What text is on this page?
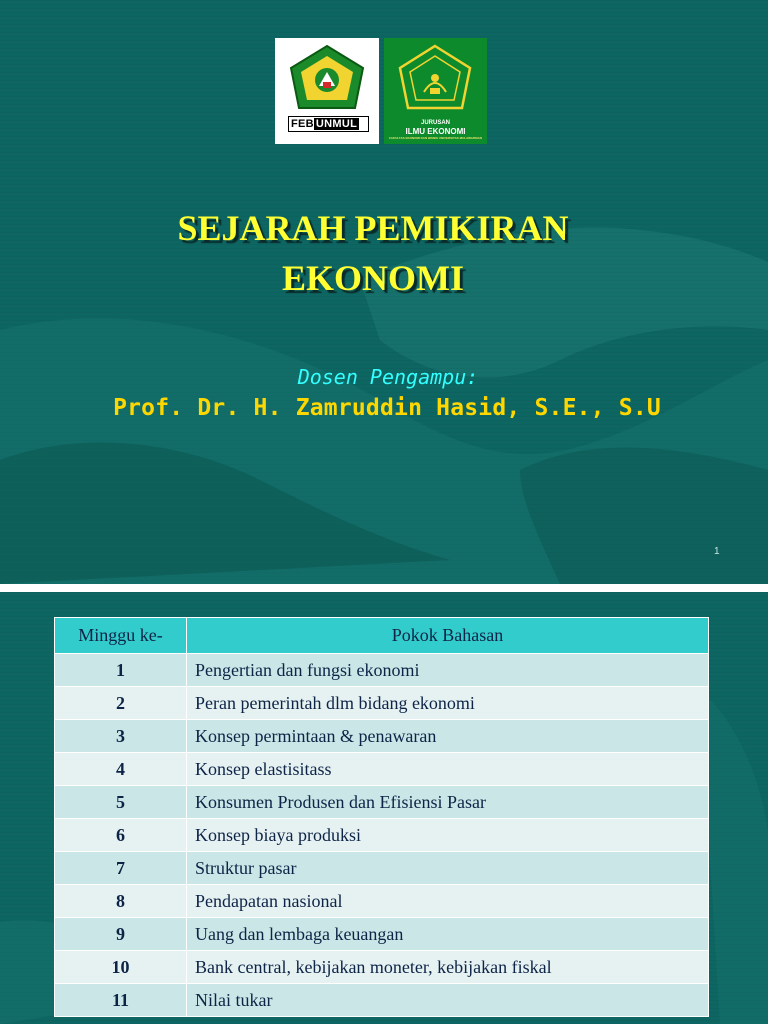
FEB UNMUL	JURUSAN
ILMU EKONOMI
FAKULTAS EKONOMI DAN BISNIS UNIVERSITAS MULAWARMAN
SEJARAH PEMIKIRAN
EKONOMI
Dosen Pengampu:
Prof. Dr. H. Zamruddin Hasid, S.E., S.U
1
Minggu ke-	Pokok Bahasan
1	Pengertian dan fungsi ekonomi
2	Peran pemerintah dlm bidang ekonomi
3	Konsep permintaan & penawaran
4	Konsep elastisitass
5	Konsumen Produsen dan Efisiensi Pasar
6	Konsep biaya produksi
7	Struktur pasar
8	Pendapatan nasional
9	Uang dan lembaga keuangan
10	Bank central, kebijakan moneter, kebijakan fiskal
11	Nilai tukar
